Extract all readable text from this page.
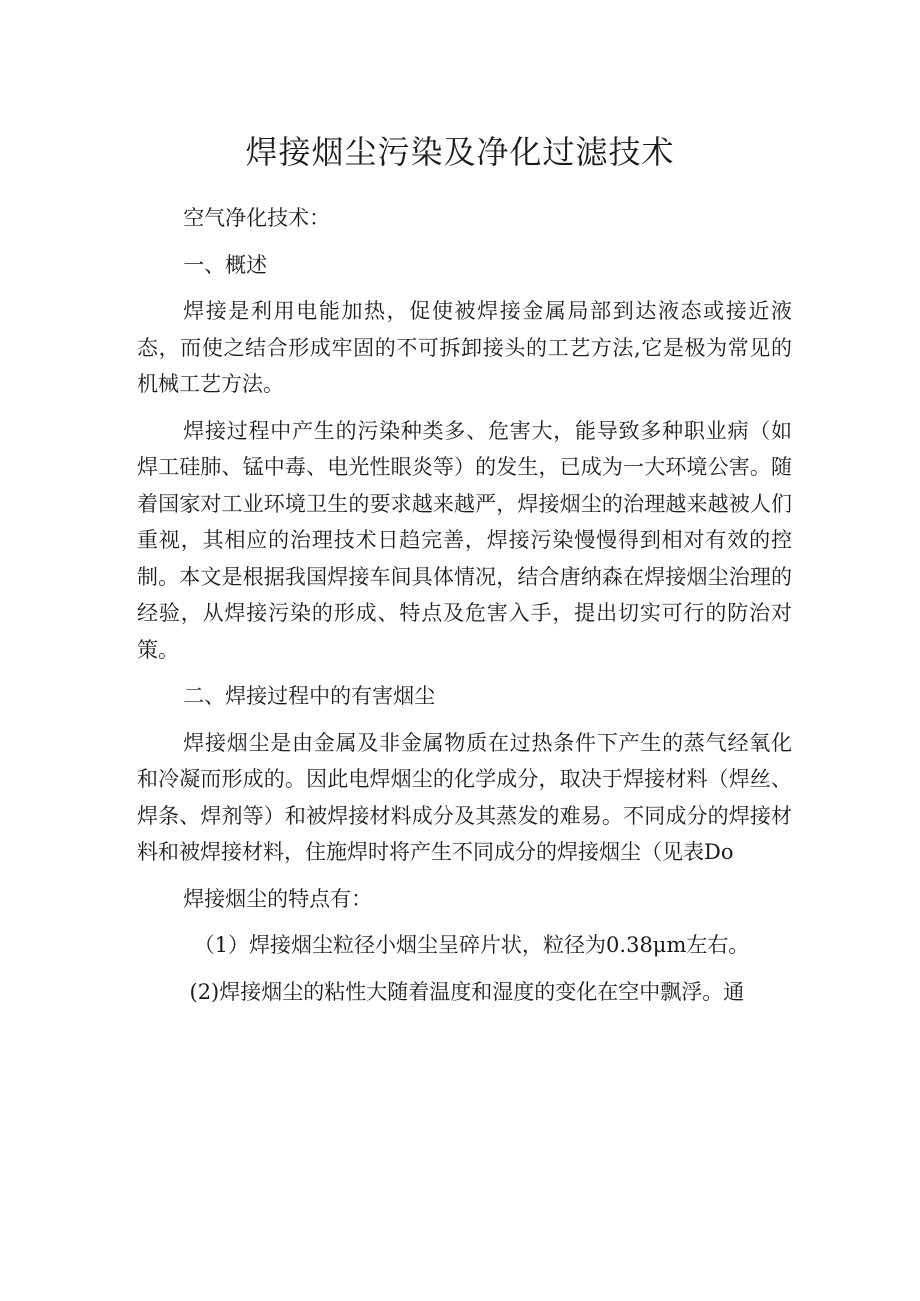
焊接烟尘污染及净化过滤技术

空气净化技术：

一、概述

焊接是利用电能加热，促使被焊接金属局部到达液态或接近液态，而使之结合形成牢固的不可拆卸接头的工艺方法,它是极为常见的机械工艺方法。

焊接过程中产生的污染种类多、危害大，能导致多种职业病（如焊工硅肺、锰中毒、电光性眼炎等）的发生，已成为一大环境公害。随着国家对工业环境卫生的要求越来越严，焊接烟尘的治理越来越被人们重视，其相应的治理技术日趋完善，焊接污染慢慢得到相对有效的控制。本文是根据我国焊接车间具体情况，结合唐纳森在焊接烟尘治理的经验，从焊接污染的形成、特点及危害入手，提出切实可行的防治对策。

二、焊接过程中的有害烟尘

焊接烟尘是由金属及非金属物质在过热条件下产生的蒸气经氧化和冷凝而形成的。因此电焊烟尘的化学成分，取决于焊接材料（焊丝、焊条、焊剂等）和被焊接材料成分及其蒸发的难易。不同成分的焊接材料和被焊接材料，住施焊时将产生不同成分的焊接烟尘（见表Do

焊接烟尘的特点有：

（1）焊接烟尘粒径小烟尘呈碎片状，粒径为0.38μm左右。

(2)焊接烟尘的粘性大随着温度和湿度的变化在空中飘浮。通
